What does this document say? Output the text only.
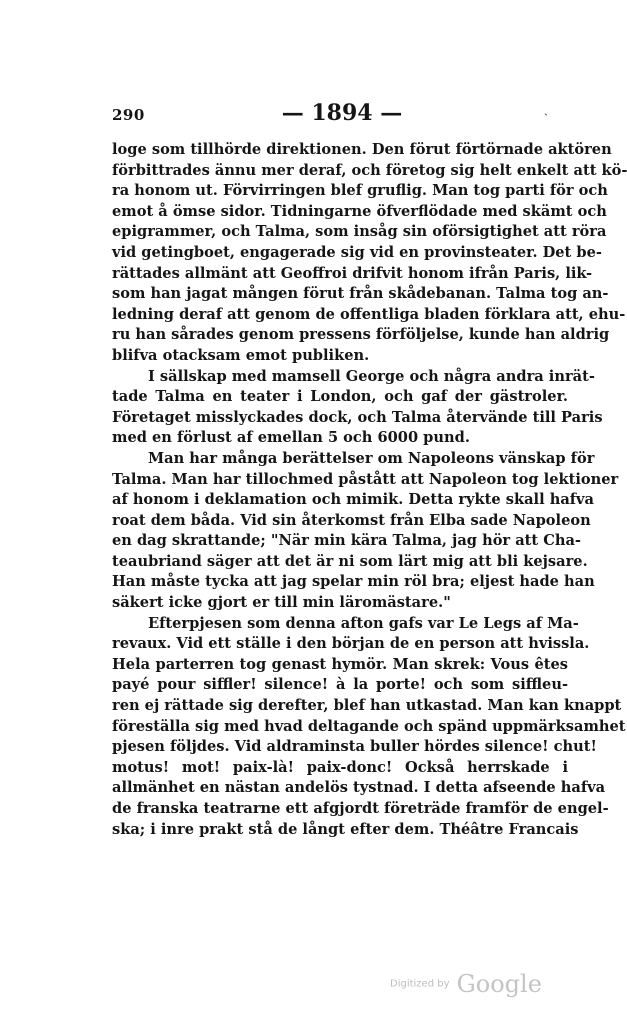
290	— 1894 —	ˏ
loge som tillhörde direktionen. Den förut förtörnade aktören
förbittrades ännu mer deraf, och företog sig helt enkelt att kö-
ra honom ut. Förvirringen blef gruflig. Man tog parti för och
emot å ömse sidor. Tidningarne öfverflödade med skämt och
epigrammer, och Talma, som insåg sin oförsigtighet att röra
vid getingboet, engagerade sig vid en provinsteater. Det be-
rättades allmänt att Geoffroi drifvit honom ifrån Paris, lik-
som han jagat mången förut från skådebanan. Talma tog an-
ledning deraf att genom de offentliga bladen förklara att, ehu-
ru han sårades genom pressens förföljelse, kunde han aldrig
blifva otacksam emot publiken.
I sällskap med mamsell George och några andra inrät-
tade Talma en teater i London, och gaf der gästroler.
Företaget misslyckades dock, och Talma återvände till Paris
med en förlust af emellan 5 och 6000 pund.
Man har många berättelser om Napoleons vänskap för
Talma. Man har tillochmed påstått att Napoleon tog lektioner
af honom i deklamation och mimik. Detta rykte skall hafva
roat dem båda. Vid sin återkomst från Elba sade Napoleon
en dag skrattande; "När min kära Talma, jag hör att Cha-
teaubriand säger att det är ni som lärt mig att bli kejsare.
Han måste tycka att jag spelar min röl bra; eljest hade han
säkert icke gjort er till min läromästare."
Efterpjesen som denna afton gafs var Le Legs af Ma-
revaux. Vid ett ställe i den början de en person att hvissla.
Hela parterren tog genast hymör. Man skrek: Vous êtes
payé pour siffler! silence! à la porte! och som siffleu-
ren ej rättade sig derefter, blef han utkastad. Man kan knappt
föreställa sig med hvad deltagande och spänd uppmärksamhet
pjesen följdes. Vid aldraminsta buller hördes silence! chut!
motus! mot! paix-là! paix-donc! Också herrskade i
allmänhet en nästan andelös tystnad. I detta afseende hafva
de franska teatrarne ett afgjordt företräde framför de engel-
ska; i inre prakt stå de långt efter dem. Théâtre Francais
Digitized by Google
